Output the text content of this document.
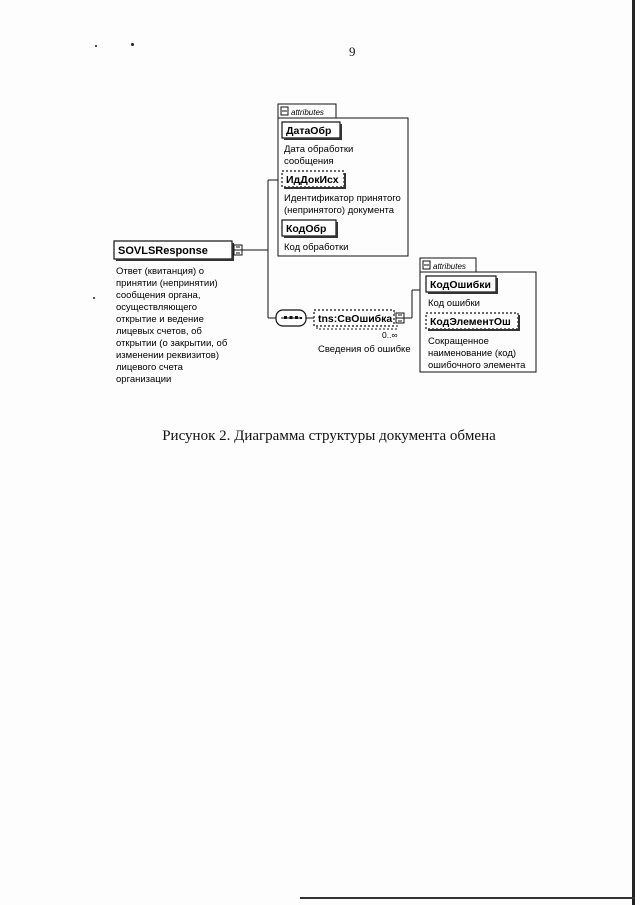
9
SOVLSResponse
Ответ (квитанция) о
принятии (непринятии)
сообщения органа,
осуществляющего
открытие и ведение
лицевых счетов, об
открытии (о закрытии, об
изменении реквизитов)
лицевого счета
организации
attributes
ДатаОбр
Дата обработки
сообщения
ИдДокИсх
Идентификатор принятого
(непринятого) документа
КодОбр
Код обработки
tns:СвОшибка
0..∞
Сведения об ошибке
attributes
КодОшибки
Код ошибки
КодЭлементОш
Сокращенное
наименование (код)
ошибочного элемента
Рисунок 2. Диаграмма структуры документа обмена
